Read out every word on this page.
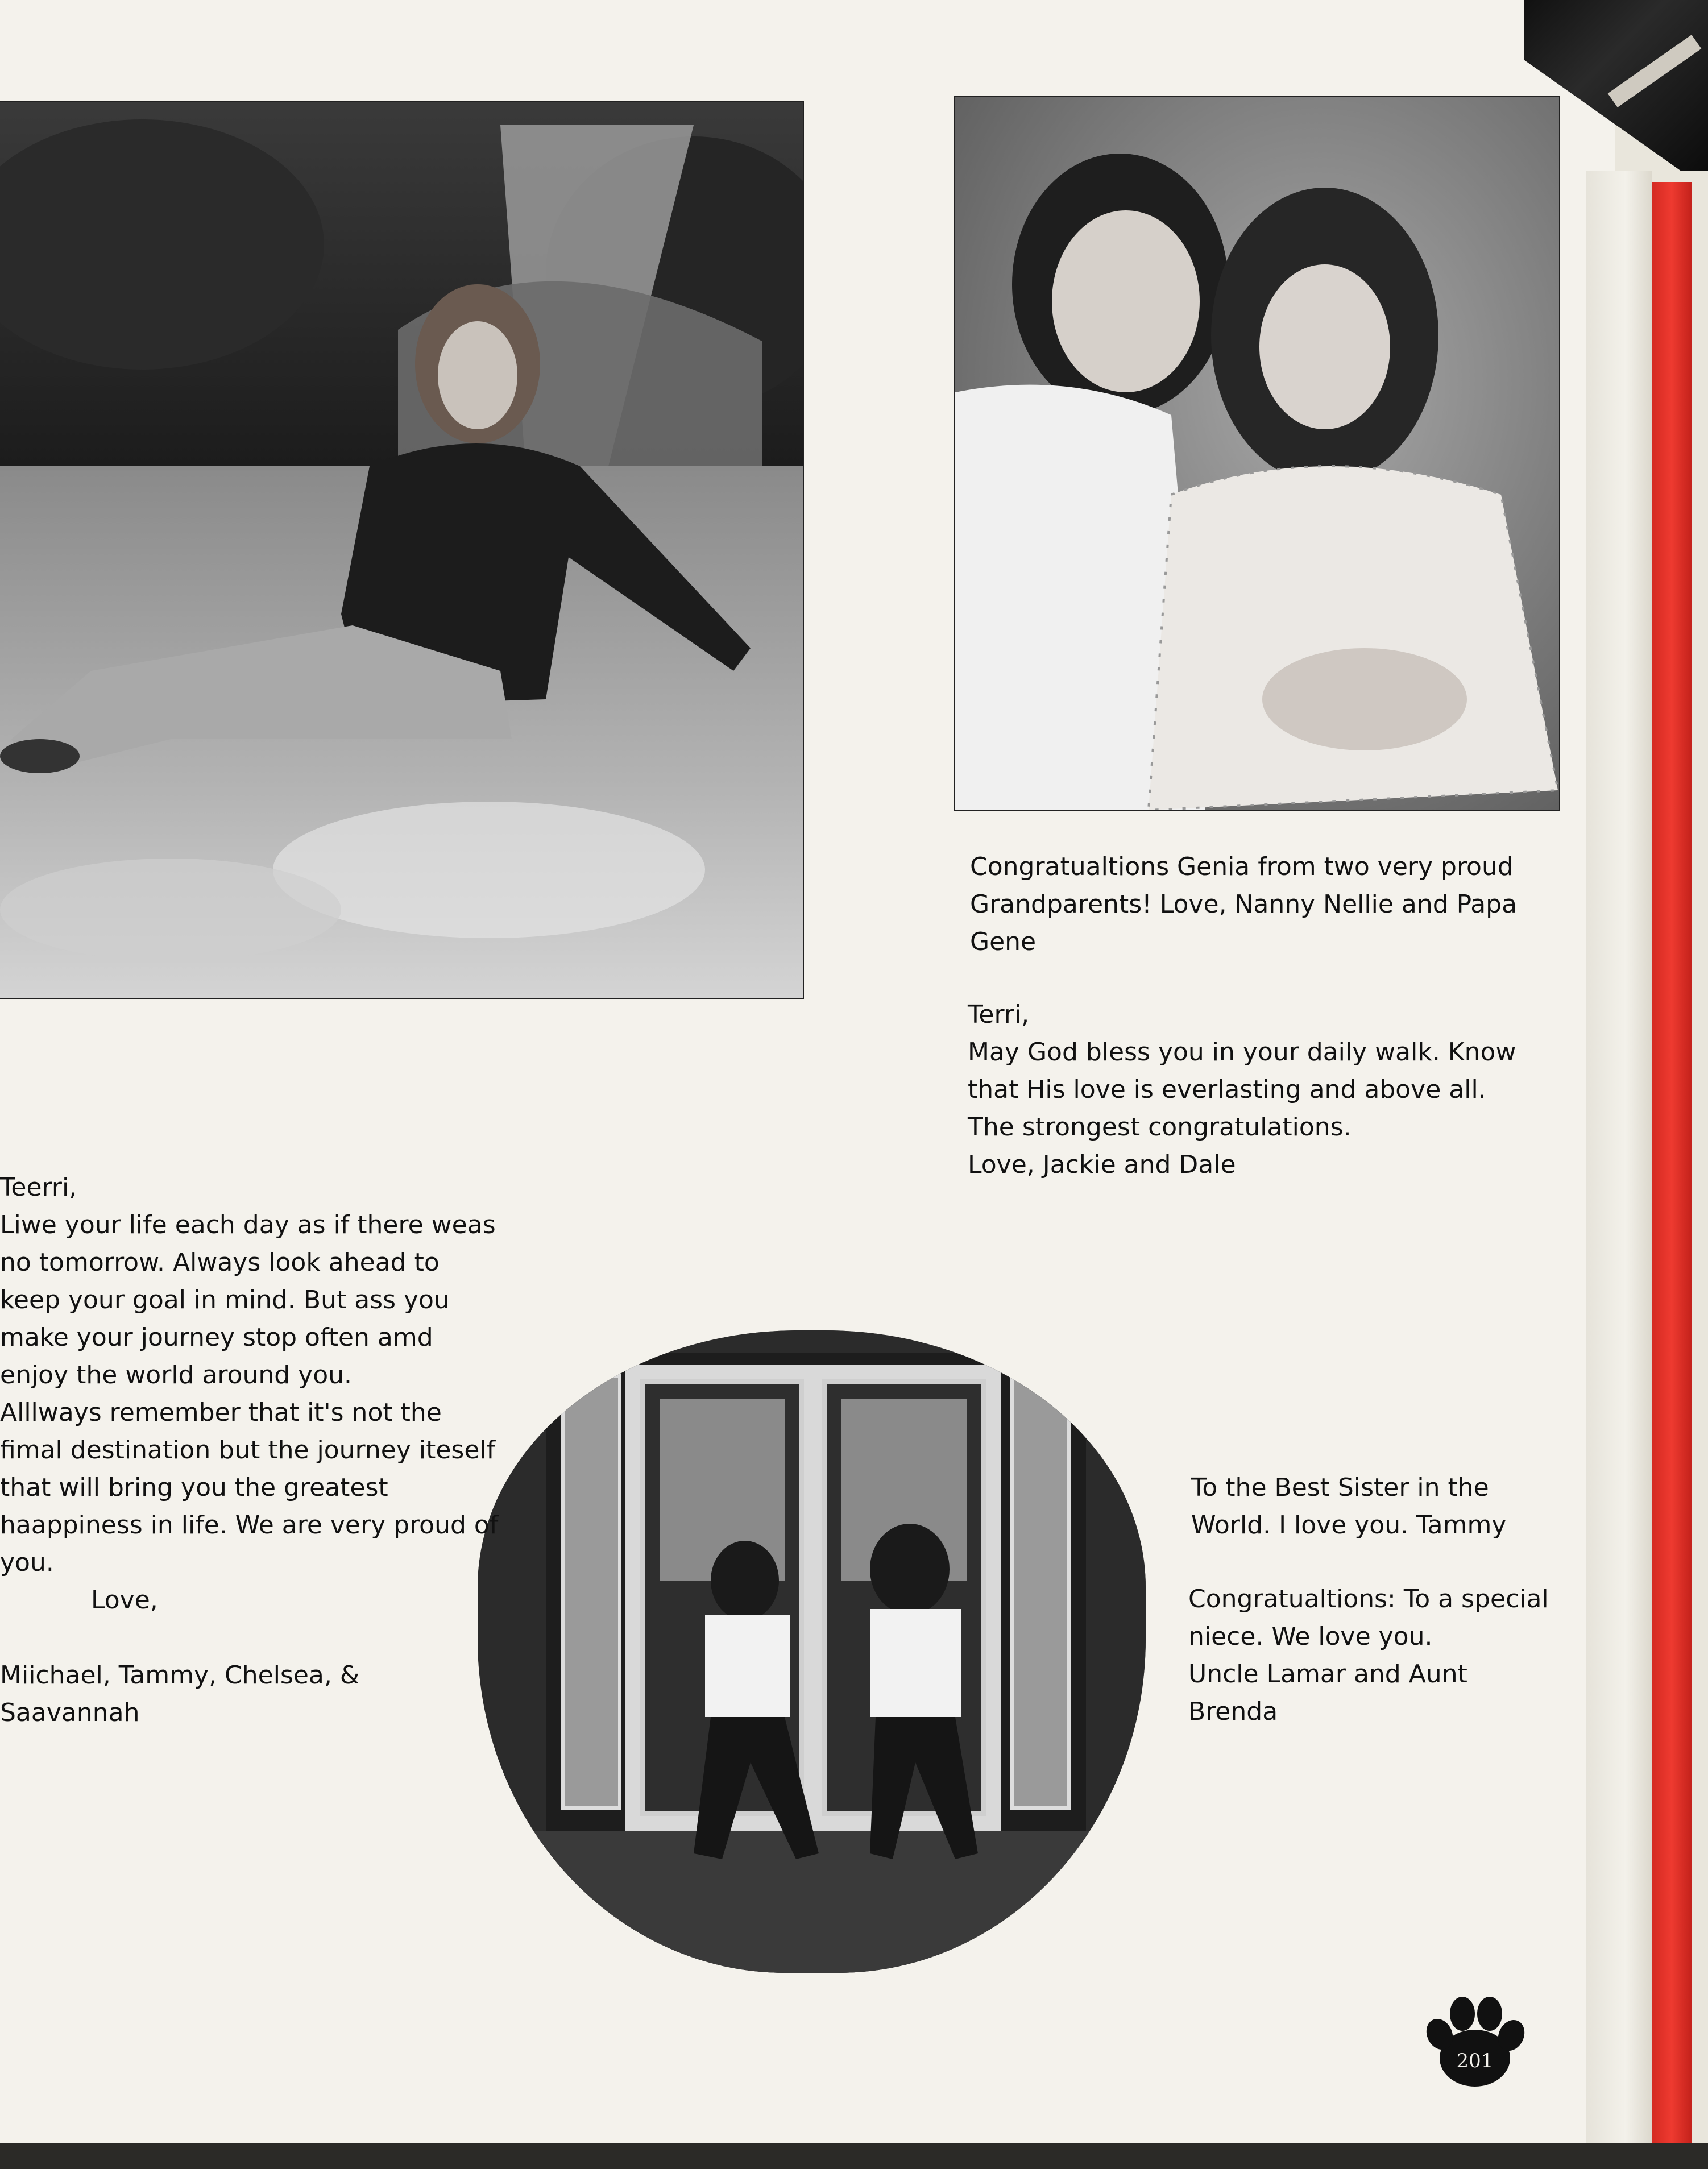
Congratualtions Genia from two very proud Grandparents! Love, Nanny Nellie and Papa Gene

Terri,
May God bless you in your daily walk. Know that His love is everlasting and above all.
The strongest congratulations.
Love, Jackie and Dale

Teerri,
Liwe your life each day as if there weas no tomorrow. Always look ahead to keep your goal in mind. But ass you make your journey stop often amd enjoy the world around you.
Alllways remember that it's not the fimal destination but the journey iteself that will bring you the greatest haappiness in life. We are very proud of you.

Love,

Miichael, Tammy, Chelsea, &
Saavannah

To the Best Sister in the World. I love you. Tammy

Congratualtions: To a special niece. We love you.
Uncle Lamar and Aunt Brenda

201
